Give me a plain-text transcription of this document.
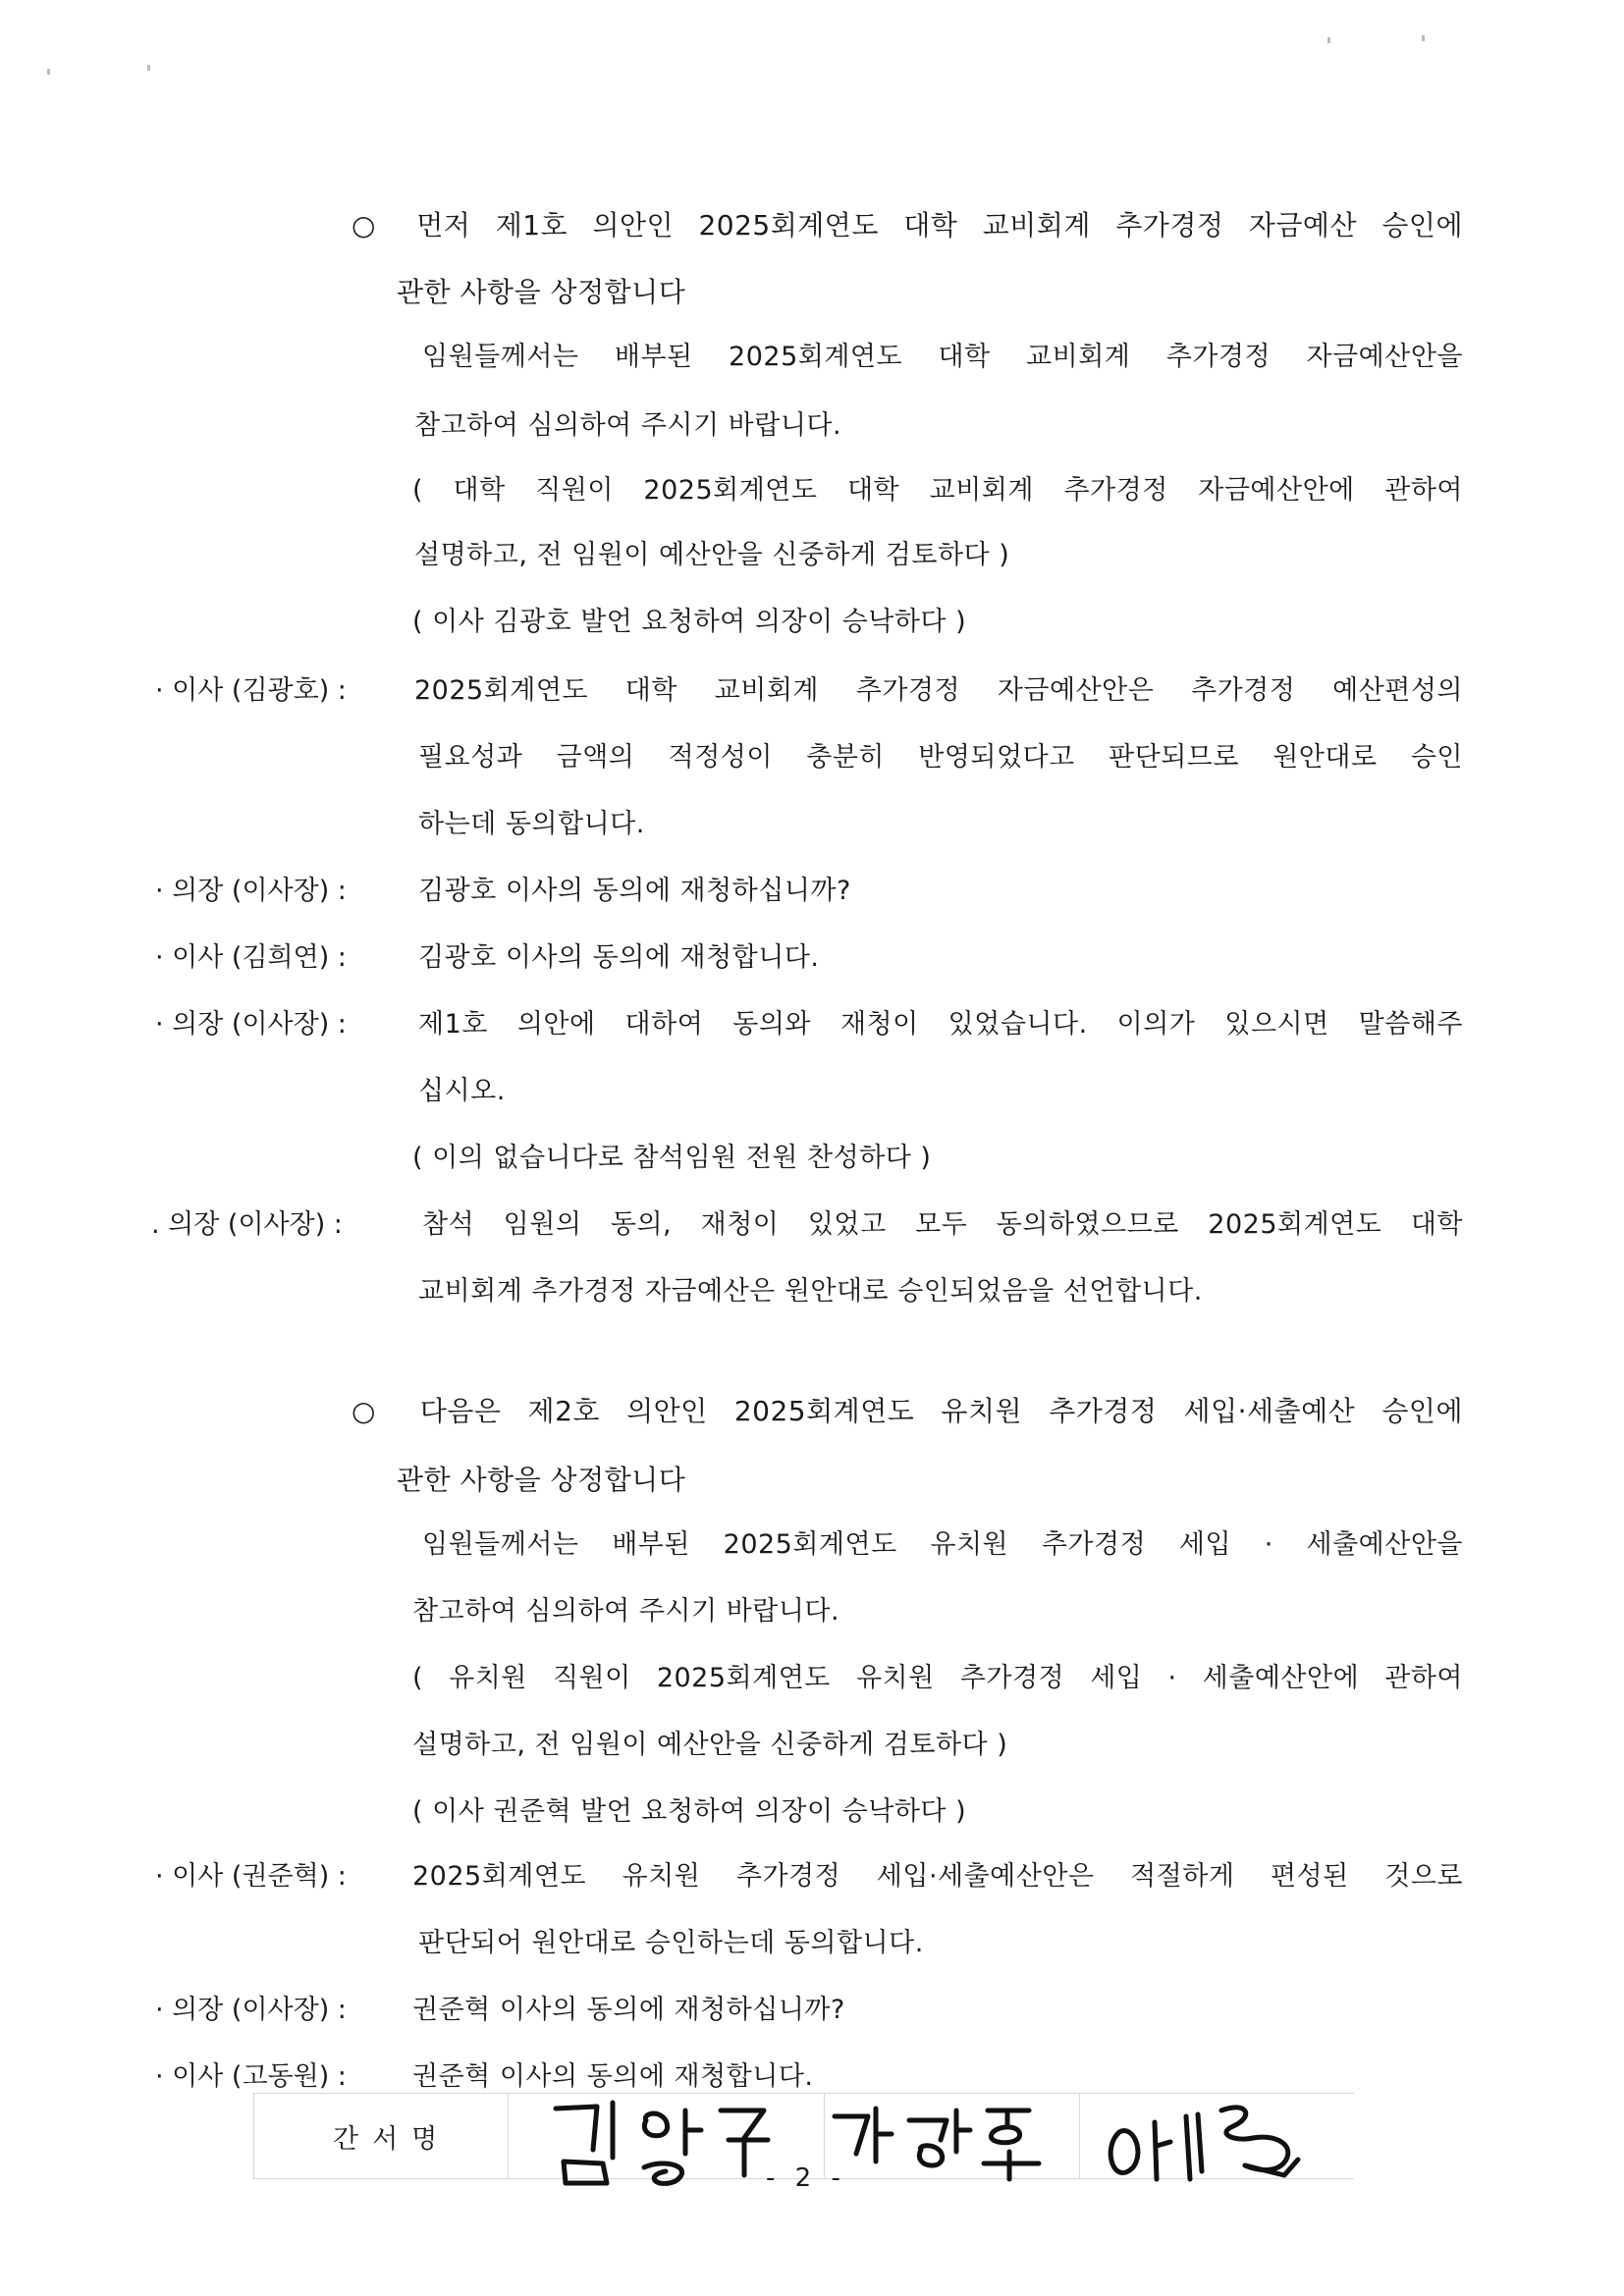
○ 먼저 제1호 의안인 2025회계연도 대학 교비회계 추가경정 자금예산 승인에
관한 사항을 상정합니다
임원들께서는 배부된 2025회계연도 대학 교비회계 추가경정 자금예산안을
참고하여 심의하여 주시기 바랍니다.
( 대학 직원이 2025회계연도 대학 교비회계 추가경정 자금예산안에 관하여
설명하고, 전 임원이 예산안을 신중하게 검토하다 )
( 이사 김광호 발언 요청하여 의장이 승낙하다 )
· 이사 (김광호) :	2025회계연도 대학 교비회계 추가경정 자금예산안은 추가경정 예산편성의
필요성과 금액의 적정성이 충분히 반영되었다고 판단되므로 원안대로 승인
하는데 동의합니다.
· 의장 (이사장) :	김광호 이사의 동의에 재청하십니까?
· 이사 (김희연) :	김광호 이사의 동의에 재청합니다.
· 의장 (이사장) :	제1호 의안에 대하여 동의와 재청이 있었습니다. 이의가 있으시면 말씀해주
십시오.
( 이의 없습니다로 참석임원 전원 찬성하다 )
. 의장 (이사장) :	참석 임원의 동의, 재청이 있었고 모두 동의하였으므로 2025회계연도 대학
교비회계 추가경정 자금예산은 원안대로 승인되었음을 선언합니다.
○ 다음은 제2호 의안인 2025회계연도 유치원 추가경정 세입·세출예산 승인에
관한 사항을 상정합니다
임원들께서는 배부된 2025회계연도 유치원 추가경정 세입 · 세출예산안을
참고하여 심의하여 주시기 바랍니다.
( 유치원 직원이 2025회계연도 유치원 추가경정 세입 · 세출예산안에 관하여
설명하고, 전 임원이 예산안을 신중하게 검토하다 )
( 이사 권준혁 발언 요청하여 의장이 승낙하다 )
· 이사 (권준혁) : 2025회계연도 유치원 추가경정 세입·세출예산안은 적절하게 편성된 것으로
판단되어 원안대로 승인하는데 동의합니다.
· 의장 (이사장) : 권준혁 이사의 동의에 재청하십니까?
· 이사 (고동원) : 권준혁 이사의 동의에 재청합니다.
간서명
- 2 -
